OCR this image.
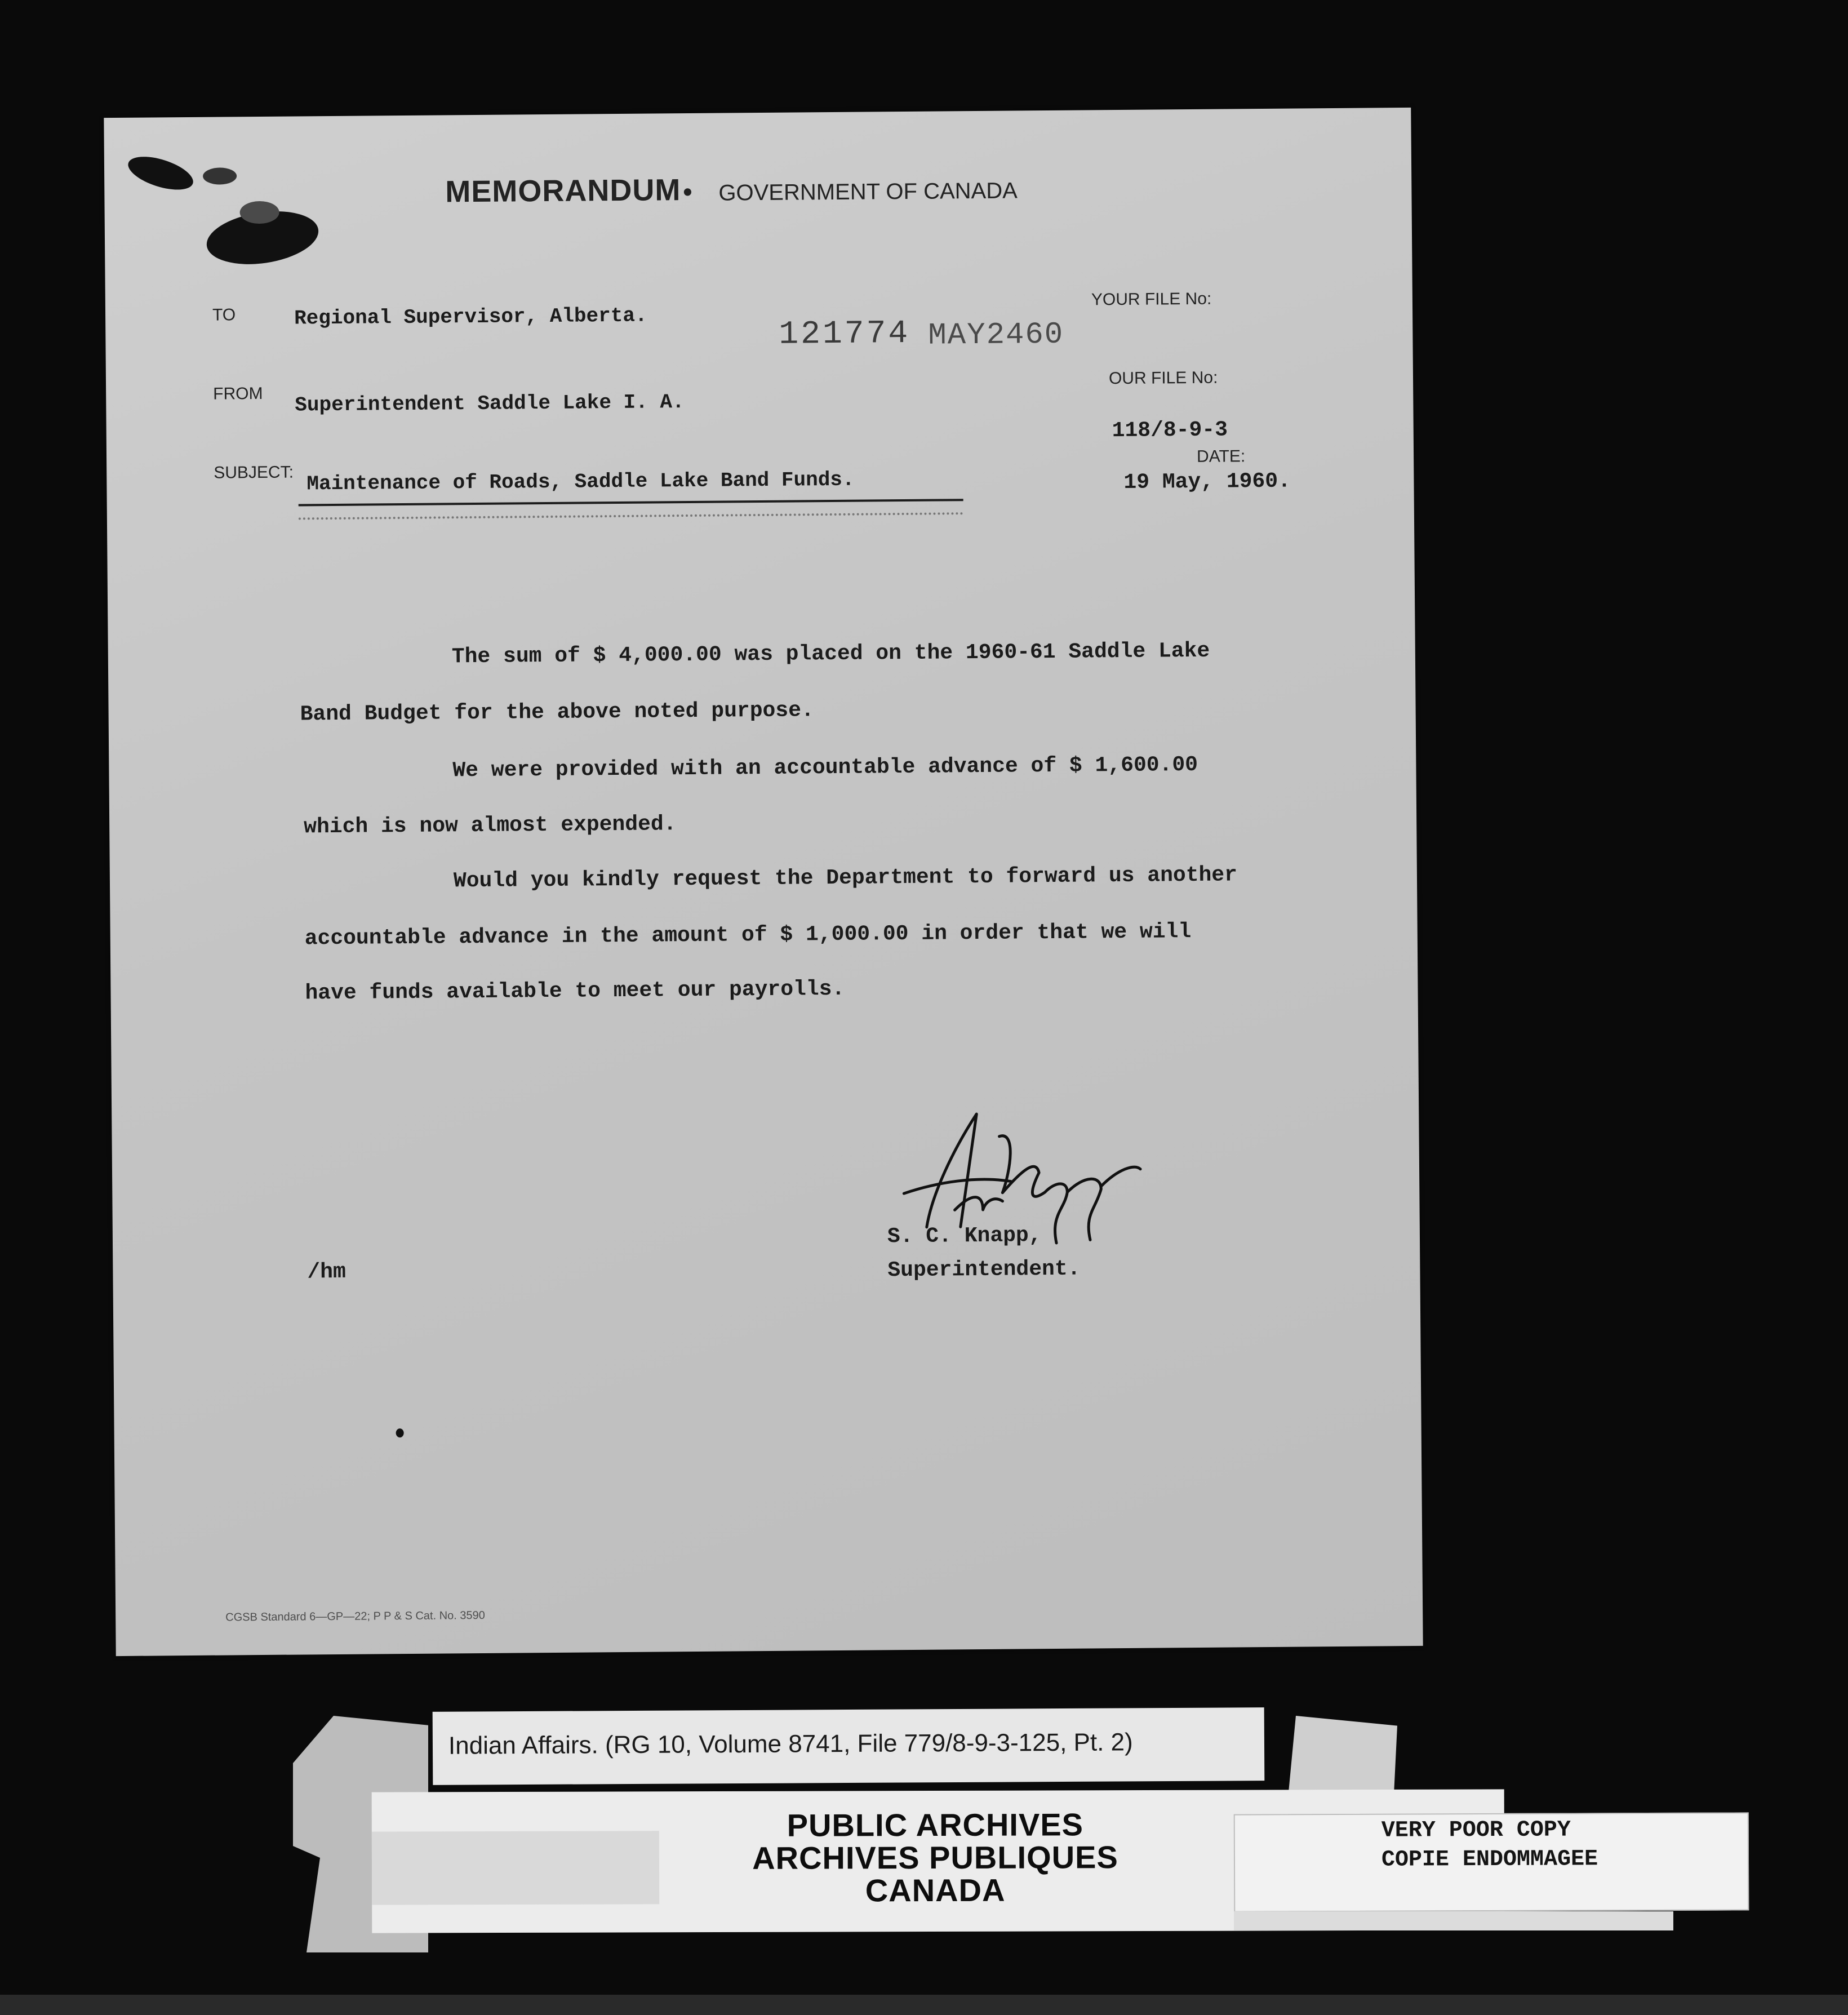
MEMORANDUM • GOVERNMENT OF CANADA
TO
FROM
SUBJECT:
YOUR FILE No:
OUR FILE No:
DATE:
Regional Supervisor, Alberta.
Superintendent Saddle Lake I. A.
Maintenance of Roads, Saddle Lake Band Funds.
121774 MAY2460
118/8-9-3
19 May, 1960.
The sum of $ 4,000.00 was placed on the 1960-61 Saddle Lake
Band Budget for the above noted purpose.
We were provided with an accountable advance of $ 1,600.00
which is now almost expended.
Would you kindly request the Department to forward us another
accountable advance in the amount of $ 1,000.00 in order that we will
have funds available to meet our payrolls.
S. C. Knapp,
Superintendent.
/hm
CGSB Standard 6—GP—22; P P & S Cat. No. 3590
Indian Affairs. (RG 10, Volume 8741, File 779/8-9-3-125, Pt. 2)
PUBLIC ARCHIVES
ARCHIVES PUBLIQUES
CANADA
VERY POOR COPY
COPIE ENDOMMAGEE
